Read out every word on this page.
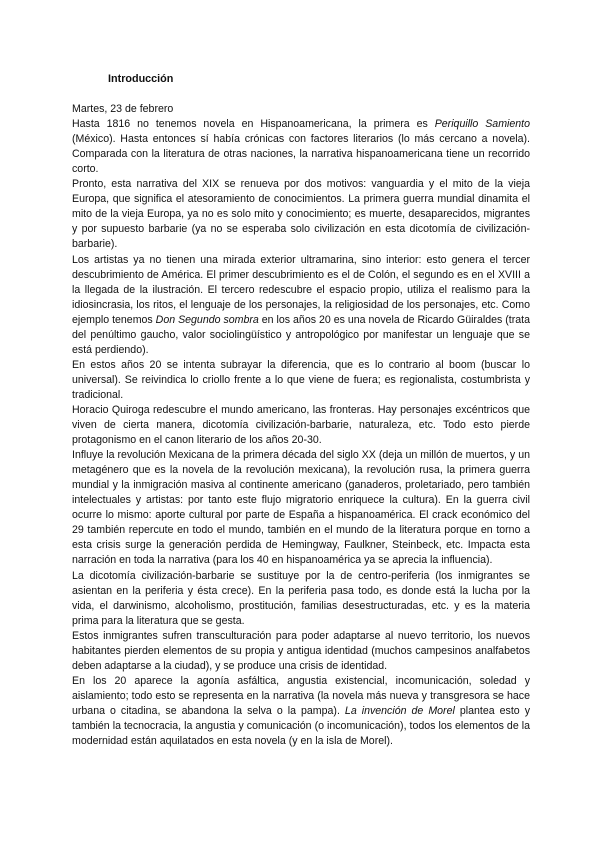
Introducción

Martes, 23 de febrero

Hasta 1816 no tenemos novela en Hispanoamericana, la primera es Periquillo Samiento (México). Hasta entonces sí había crónicas con factores literarios (lo más cercano a novela). Comparada con la literatura de otras naciones, la narrativa hispanoamericana tiene un recorrido corto.

Pronto, esta narrativa del XIX se renueva por dos motivos: vanguardia y el mito de la vieja Europa, que significa el atesoramiento de conocimientos. La primera guerra mundial dinamita el mito de la vieja Europa, ya no es solo mito y conocimiento; es muerte, desaparecidos, migrantes y por supuesto barbarie (ya no se esperaba solo civilización en esta dicotomía de civilización-barbarie).

Los artistas ya no tienen una mirada exterior ultramarina, sino interior: esto genera el tercer descubrimiento de América. El primer descubrimiento es el de Colón, el segundo es en el XVIII a la llegada de la ilustración. El tercero redescubre el espacio propio, utiliza el realismo para la idiosincrasia, los ritos, el lenguaje de los personajes, la religiosidad de los personajes, etc. Como ejemplo tenemos Don Segundo sombra en los años 20 es una novela de Ricardo Güiraldes (trata del penúltimo gaucho, valor sociolingüístico y antropológico por manifestar un lenguaje que se está perdiendo).

En estos años 20 se intenta subrayar la diferencia, que es lo contrario al boom (buscar lo universal). Se reivindica lo criollo frente a lo que viene de fuera; es regionalista, costumbrista y tradicional.

Horacio Quiroga redescubre el mundo americano, las fronteras. Hay personajes excéntricos que viven de cierta manera, dicotomía civilización-barbarie, naturaleza, etc. Todo esto pierde protagonismo en el canon literario de los años 20-30.

Influye la revolución Mexicana de la primera década del siglo XX (deja un millón de muertos, y un metagénero que es la novela de la revolución mexicana), la revolución rusa, la primera guerra mundial y la inmigración masiva al continente americano (ganaderos, proletariado, pero también intelectuales y artistas: por tanto este flujo migratorio enriquece la cultura). En la guerra civil ocurre lo mismo: aporte cultural por parte de España a hispanoamérica. El crack económico del 29 también repercute en todo el mundo, también en el mundo de la literatura porque en torno a esta crisis surge la generación perdida de Hemingway, Faulkner, Steinbeck, etc. Impacta esta narración en toda la narrativa (para los 40 en hispanoamérica ya se aprecia la influencia).

La dicotomía civilización-barbarie se sustituye por la de centro-periferia (los inmigrantes se asientan en la periferia y ésta crece). En la periferia pasa todo, es donde está la lucha por la vida, el darwinismo, alcoholismo, prostitución, familias desestructuradas, etc. y es la materia prima para la literatura que se gesta.

Estos inmigrantes sufren transculturación para poder adaptarse al nuevo territorio, los nuevos habitantes pierden elementos de su propia y antigua identidad (muchos campesinos analfabetos deben adaptarse a la ciudad), y se produce una crisis de identidad.

En los 20 aparece la agonía asfáltica, angustia existencial, incomunicación, soledad y aislamiento; todo esto se representa en la narrativa (la novela más nueva y transgresora se hace urbana o citadina, se abandona la selva o la pampa). La invención de Morel plantea esto y también la tecnocracia, la angustia y comunicación (o incomunicación), todos los elementos de la modernidad están aquilatados en esta novela (y en la isla de Morel).
